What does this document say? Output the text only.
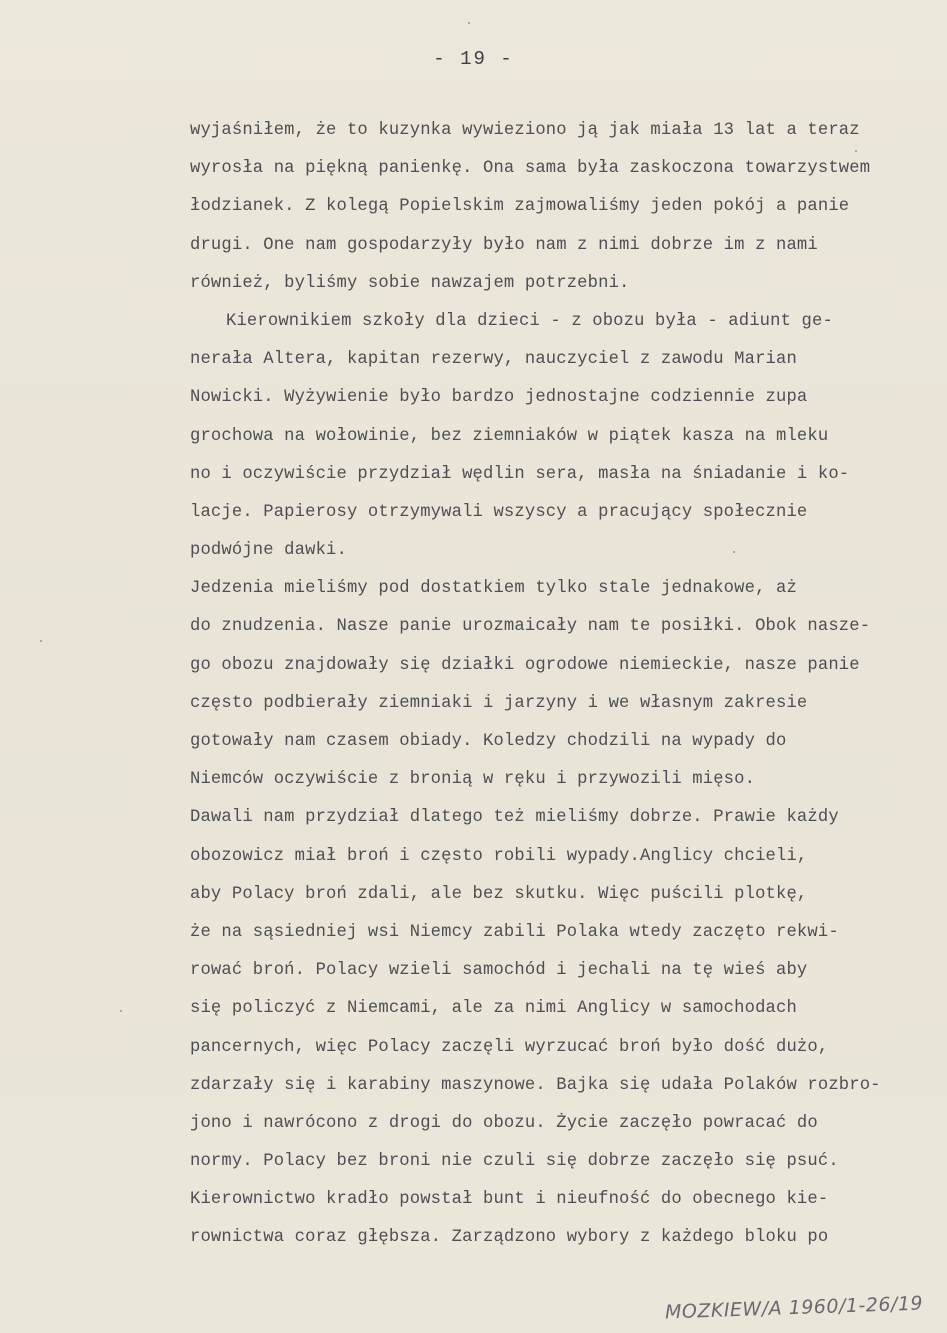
- 19 -
wyjaśniłem, że to kuzynka wywieziono ją jak miała 13 lat a teraz
wyrosła na piękną panienkę. Ona sama była zaskoczona towarzystwem
łodzianek. Z kolegą Popielskim zajmowaliśmy jeden pokój a panie
drugi. One nam gospodarzyły było nam z nimi dobrze im z nami
również, byliśmy sobie nawzajem potrzebni.
Kierownikiem szkoły dla dzieci - z obozu była - adiunt ge-
nerała Altera, kapitan rezerwy, nauczyciel z zawodu Marian
Nowicki. Wyżywienie było bardzo jednostajne codziennie zupa
grochowa na wołowinie, bez ziemniaków w piątek kasza na mleku
no i oczywiście przydział wędlin sera, masła na śniadanie i ko-
lacje. Papierosy otrzymywali wszyscy a pracujący społecznie
podwójne dawki.
Jedzenia mieliśmy pod dostatkiem tylko stale jednakowe, aż
do znudzenia. Nasze panie urozmaicały nam te posiłki. Obok nasze-
go obozu znajdowały się działki ogrodowe niemieckie, nasze panie
często podbierały ziemniaki i jarzyny i we własnym zakresie
gotowały nam czasem obiady. Koledzy chodzili na wypady do
Niemców oczywiście z bronią w ręku i przywozili mięso.
Dawali nam przydział dlatego też mieliśmy dobrze. Prawie każdy
obozowicz miał broń i często robili wypady.Anglicy chcieli,
aby Polacy broń zdali, ale bez skutku. Więc puścili plotkę,
że na sąsiedniej wsi Niemcy zabili Polaka wtedy zaczęto rekwi-
rować broń. Polacy wzieli samochód i jechali na tę wieś aby
się policzyć z Niemcami, ale za nimi Anglicy w samochodach
pancernych, więc Polacy zaczęli wyrzucać broń było dość dużo,
zdarzały się i karabiny maszynowe. Bajka się udała Polaków rozbro-
jono i nawrócono z drogi do obozu. Życie zaczęło powracać do
normy. Polacy bez broni nie czuli się dobrze zaczęło się psuć.
Kierownictwo kradło powstał bunt i nieufność do obecnego kie-
rownictwa coraz głębsza. Zarządzono wybory z każdego bloku po
MOZKIEW/A 1960/1-26/19
